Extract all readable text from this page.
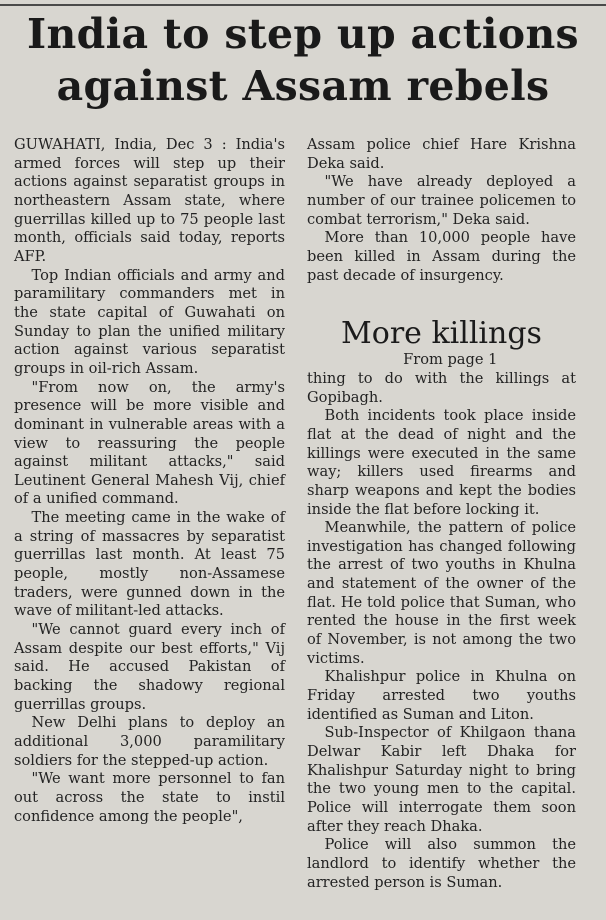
India to step up actions
against Assam rebels

GUWAHATI, India, Dec 3 : India's armed forces will step up their actions against separatist groups in northeastern Assam state, where guerrillas killed up to 75 people last month, officials said today, reports AFP.

Top Indian officials and army and paramilitary commanders met in the state capital of Guwahati on Sunday to plan the unified military action against various separatist groups in oil-rich Assam.

"From now on, the army's presence will be more visible and dominant in vulnerable areas with a view to reassuring the people against militant attacks," said Leutinent General Mahesh Vij, chief of a unified command.

The meeting came in the wake of a string of massacres by separatist guerrillas last month. At least 75 people, mostly non-Assamese traders, were gunned down in the wave of militant-led attacks.

"We cannot guard every inch of Assam despite our best efforts," Vij said. He accused Pakistan of backing the shadowy regional guerrillas groups.

New Delhi plans to deploy an additional 3,000 paramilitary soldiers for the stepped-up action.

"We want more personnel to fan out across the state to instil confidence among the people",

Assam police chief Hare Krishna Deka said.

"We have already deployed a number of our trainee policemen to combat terrorism," Deka said.

More than 10,000 people have been killed in Assam during the past decade of insurgency.

More killings

From page 1

thing to do with the killings at Gopibagh.

Both incidents took place inside flat at the dead of night and the killings were executed in the same way; killers used firearms and sharp weapons and kept the bodies inside the flat before locking it.

Meanwhile, the pattern of police investigation has changed following the arrest of two youths in Khulna and statement of the owner of the flat. He told police that Suman, who rented the house in the first week of November, is not among the two victims.

Khalishpur police in Khulna on Friday arrested two youths identified as Suman and Liton.

Sub-Inspector of Khilgaon thana Delwar Kabir left Dhaka for Khalishpur Saturday night to bring the two young men to the capital. Police will interrogate them soon after they reach Dhaka.

Police will also summon the landlord to identify whether the arrested person is Suman.
